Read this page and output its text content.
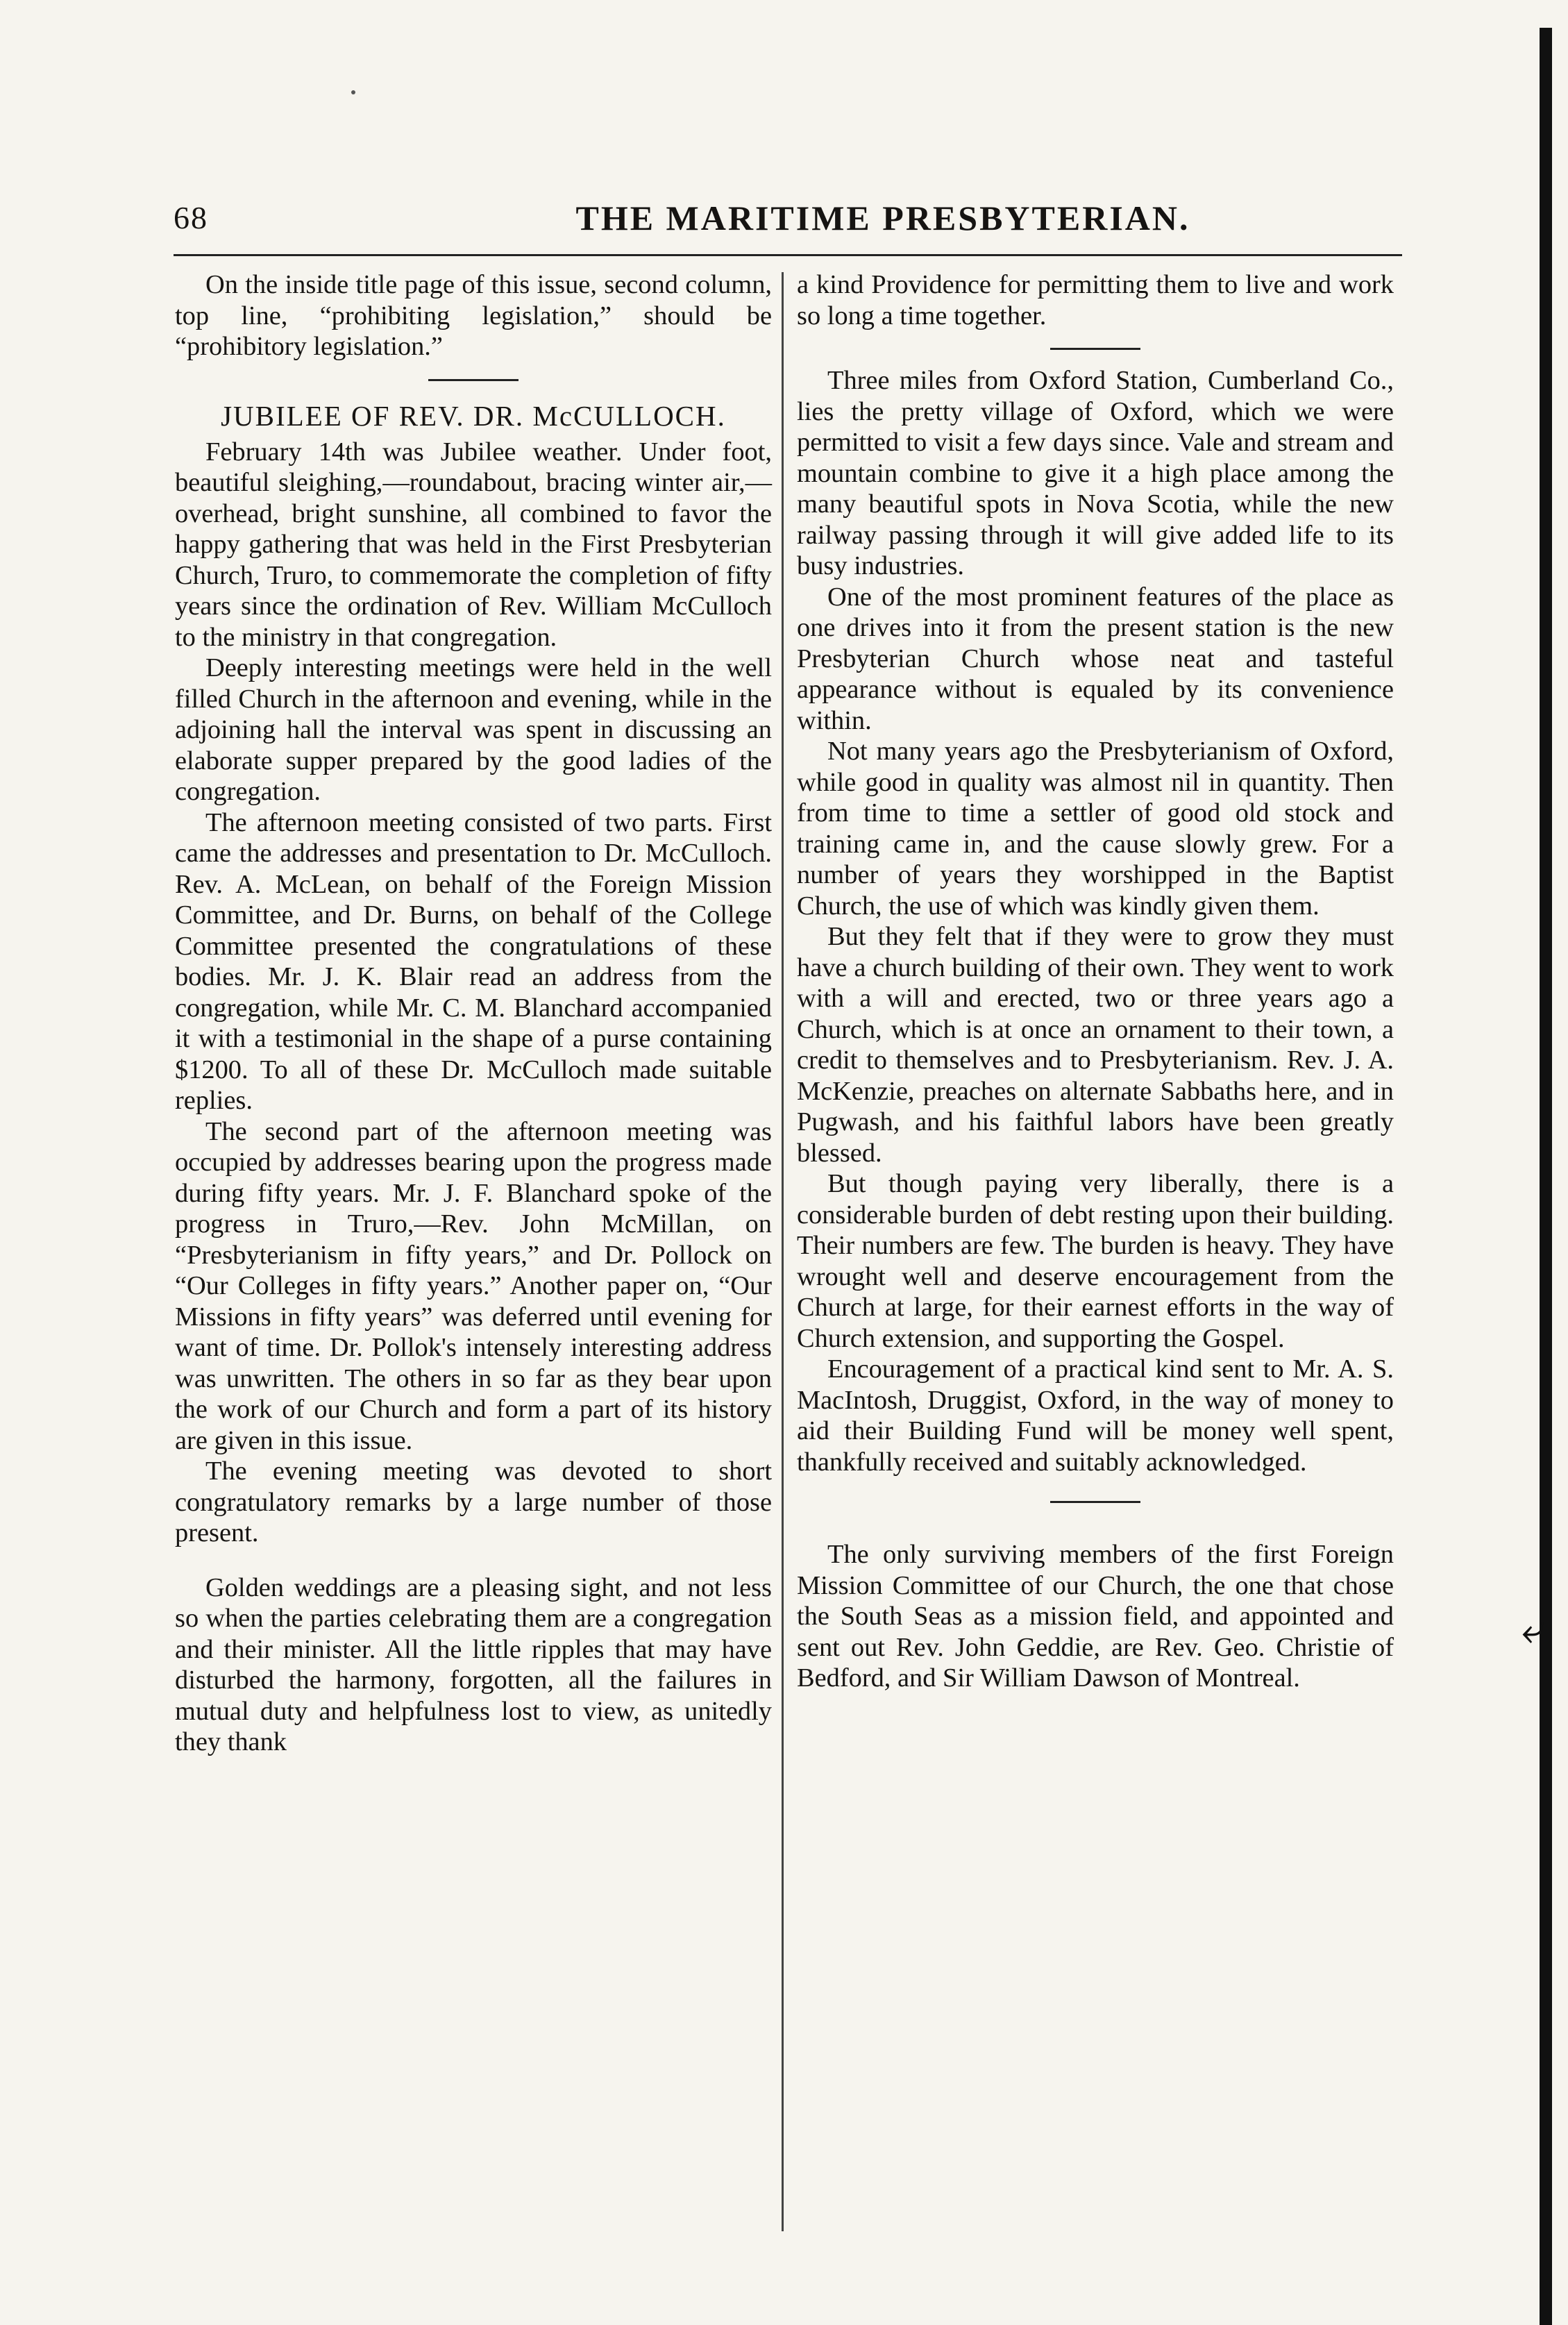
⤶
68	THE MARITIME PRESBYTERIAN.

On the inside title page of this issue, second column, top line, “prohibiting legislation,” should be “prohibitory legislation.”

JUBILEE OF REV. DR. McCULLOCH.

February 14th was Jubilee weather. Under foot, beautiful sleighing,—roundabout, bracing winter air,—overhead, bright sunshine, all combined to favor the happy gathering that was held in the First Presbyterian Church, Truro, to commemorate the completion of fifty years since the ordination of Rev. William McCulloch to the ministry in that congregation.

Deeply interesting meetings were held in the well filled Church in the afternoon and evening, while in the adjoining hall the interval was spent in discussing an elaborate supper prepared by the good ladies of the congregation.

The afternoon meeting consisted of two parts. First came the addresses and presentation to Dr. McCulloch. Rev. A. McLean, on behalf of the Foreign Mission Committee, and Dr. Burns, on behalf of the College Committee presented the congratulations of these bodies. Mr. J. K. Blair read an address from the congregation, while Mr. C. M. Blanchard accompanied it with a testimonial in the shape of a purse containing $1200. To all of these Dr. McCulloch made suitable replies.

The second part of the afternoon meeting was occupied by addresses bearing upon the progress made during fifty years. Mr. J. F. Blanchard spoke of the progress in Truro,—Rev. John McMillan, on “Presbyterianism in fifty years,” and Dr. Pollock on “Our Colleges in fifty years.” Another paper on, “Our Missions in fifty years” was deferred until evening for want of time. Dr. Pollok's intensely interesting address was unwritten. The others in so far as they bear upon the work of our Church and form a part of its history are given in this issue.

The evening meeting was devoted to short congratulatory remarks by a large number of those present.

Golden weddings are a pleasing sight, and not less so when the parties celebrating them are a congregation and their minister. All the little ripples that may have disturbed the harmony, forgotten, all the failures in mutual duty and helpfulness lost to view, as unitedly they thank

a kind Providence for permitting them to live and work so long a time together.

Three miles from Oxford Station, Cumberland Co., lies the pretty village of Oxford, which we were permitted to visit a few days since. Vale and stream and mountain combine to give it a high place among the many beautiful spots in Nova Scotia, while the new railway passing through it will give added life to its busy industries.

One of the most prominent features of the place as one drives into it from the present station is the new Presbyterian Church whose neat and tasteful appearance without is equaled by its convenience within.

Not many years ago the Presbyterianism of Oxford, while good in quality was almost nil in quantity. Then from time to time a settler of good old stock and training came in, and the cause slowly grew. For a number of years they worshipped in the Baptist Church, the use of which was kindly given them.

But they felt that if they were to grow they must have a church building of their own. They went to work with a will and erected, two or three years ago a Church, which is at once an ornament to their town, a credit to themselves and to Presbyterianism. Rev. J. A. McKenzie, preaches on alternate Sabbaths here, and in Pugwash, and his faithful labors have been greatly blessed.

But though paying very liberally, there is a considerable burden of debt resting upon their building. Their numbers are few. The burden is heavy. They have wrought well and deserve encouragement from the Church at large, for their earnest efforts in the way of Church extension, and supporting the Gospel.

Encouragement of a practical kind sent to Mr. A. S. MacIntosh, Druggist, Oxford, in the way of money to aid their Building Fund will be money well spent, thankfully received and suitably acknowledged.

The only surviving members of the first Foreign Mission Committee of our Church, the one that chose the South Seas as a mission field, and appointed and sent out Rev. John Geddie, are Rev. Geo. Christie of Bedford, and Sir William Dawson of Montreal.
